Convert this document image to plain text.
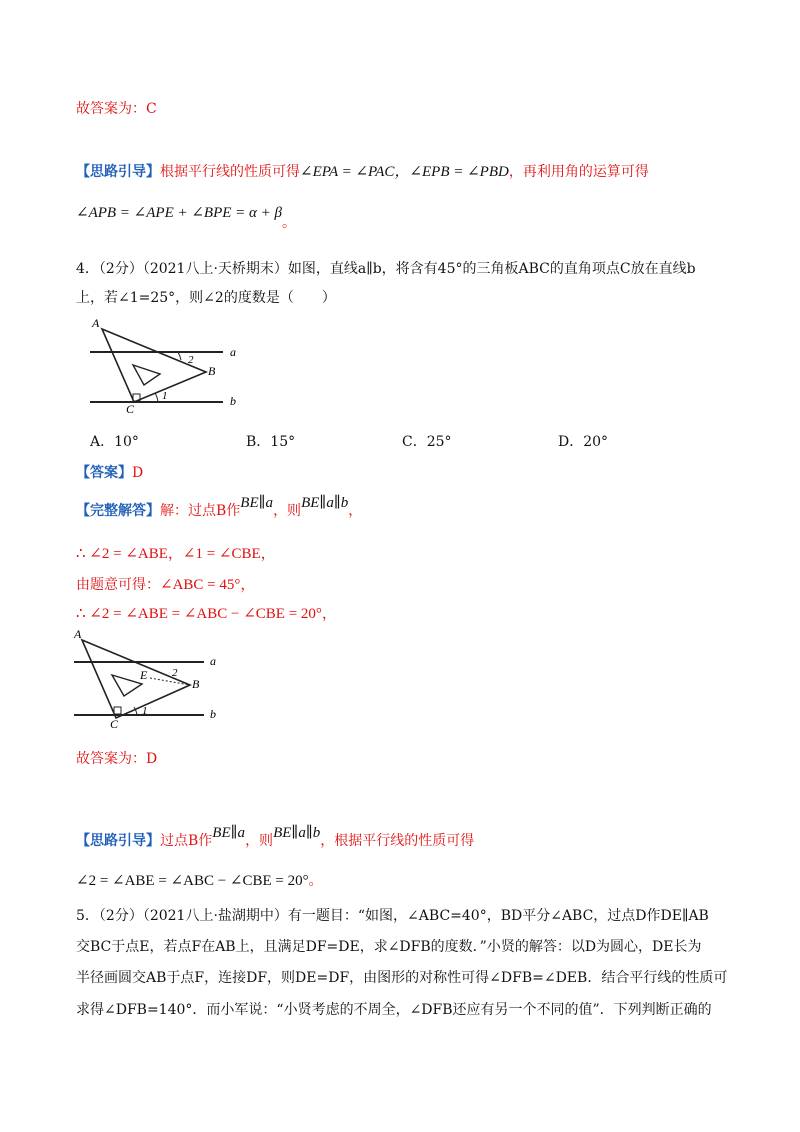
故答案为：C
【思路引导】根据平行线的性质可得∠EPA = ∠PAC，∠EPB = ∠PBD，再利用角的运算可得
∠APB = ∠APE + ∠BPE = α + β。
4．（2分）（2021八上·天桥期末）如图，直线a∥b，将含有45°的三角板ABC的直角项点C放在直线b
上，若∠1=25°，则∠2的度数是（　　）
A
B
C
a
b
1
2
A．10°	B．15°	C．25°	D．20°
【答案】D
【完整解答】解：过点B作BE∥a，则BE∥a∥b，
∴ ∠2 = ∠ABE，∠1 = ∠CBE，
由题意可得：∠ABC = 45°，
∴ ∠2 = ∠ABE = ∠ABC − ∠CBE = 20°，
A
B
C
E
a
b
1
2
故答案为：D
【思路引导】过点B作BE∥a，则BE∥a∥b，根据平行线的性质可得
∠2 = ∠ABE = ∠ABC − ∠CBE = 20°。
5．（2分）（2021八上·盐湖期中）有一题目：“如图，∠ABC=40°，BD平分∠ABC，过点D作DE∥AB
交BC于点E，若点F在AB上，且满足DF=DE，求∠DFB的度数．”小贤的解答：以D为圆心，DE长为
半径画圆交AB于点F，连接DF，则DE=DF，由图形的对称性可得∠DFB=∠DEB．结合平行线的性质可
求得∠DFB=140°．而小军说：“小贤考虑的不周全，∠DFB还应有另一个不同的值”．下列判断正确的
